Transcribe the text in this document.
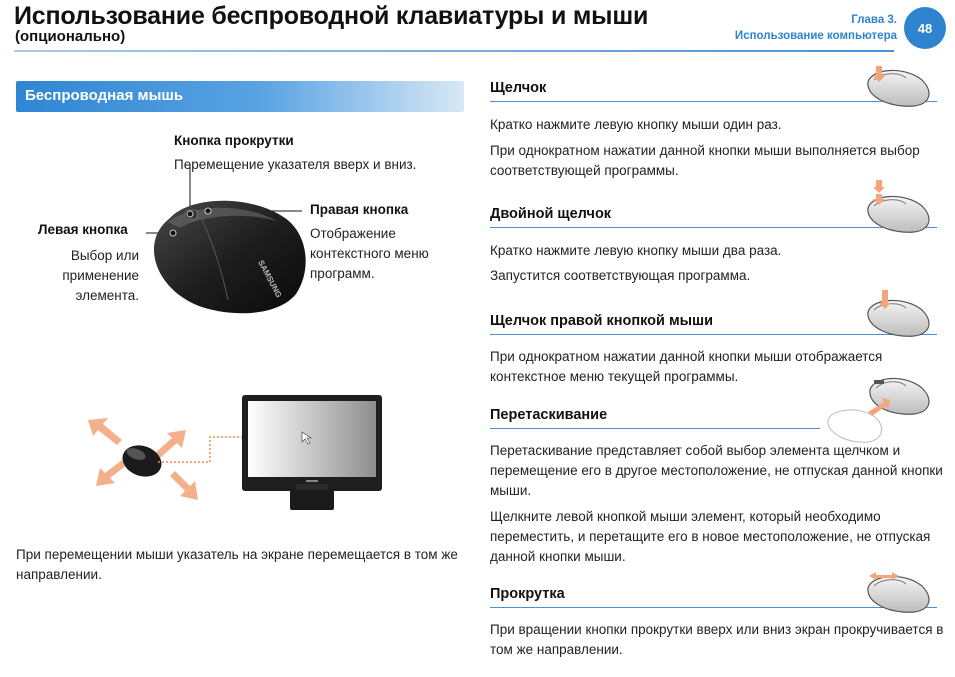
Использование беспроводной клавиатуры и мыши
(опционально)
Глава 3.
Использование компьютера
48
Беспроводная мышь
Кнопка прокрутки
Перемещение указателя вверх и вниз.
Левая кнопка
Выбор или
применение
элемента.
Правая кнопка
Отображение
контекстного меню
программ.
SAMSUNG
При перемещении мыши указатель на экране перемещается в том же направлении.
Щелчок
Кратко нажмите левую кнопку мыши один раз.
При однократном нажатии данной кнопки мыши выполняется выбор соответствующей программы.
Двойной щелчок
Кратко нажмите левую кнопку мыши два раза.
Запустится соответствующая программа.
Щелчок правой кнопкой мыши
При однократном нажатии данной кнопки мыши отображается контекстное меню текущей программы.
Перетаскивание
Перетаскивание представляет собой выбор элемента щелчком и перемещение его в другое местоположение, не отпуская данной кнопки мыши.
Щелкните левой кнопкой мыши элемент, который необходимо переместить, и перетащите его в новое местоположение, не отпуская данной кнопки мыши.
Прокрутка
При вращении кнопки прокрутки вверх или вниз экран прокручивается в том же направлении.
